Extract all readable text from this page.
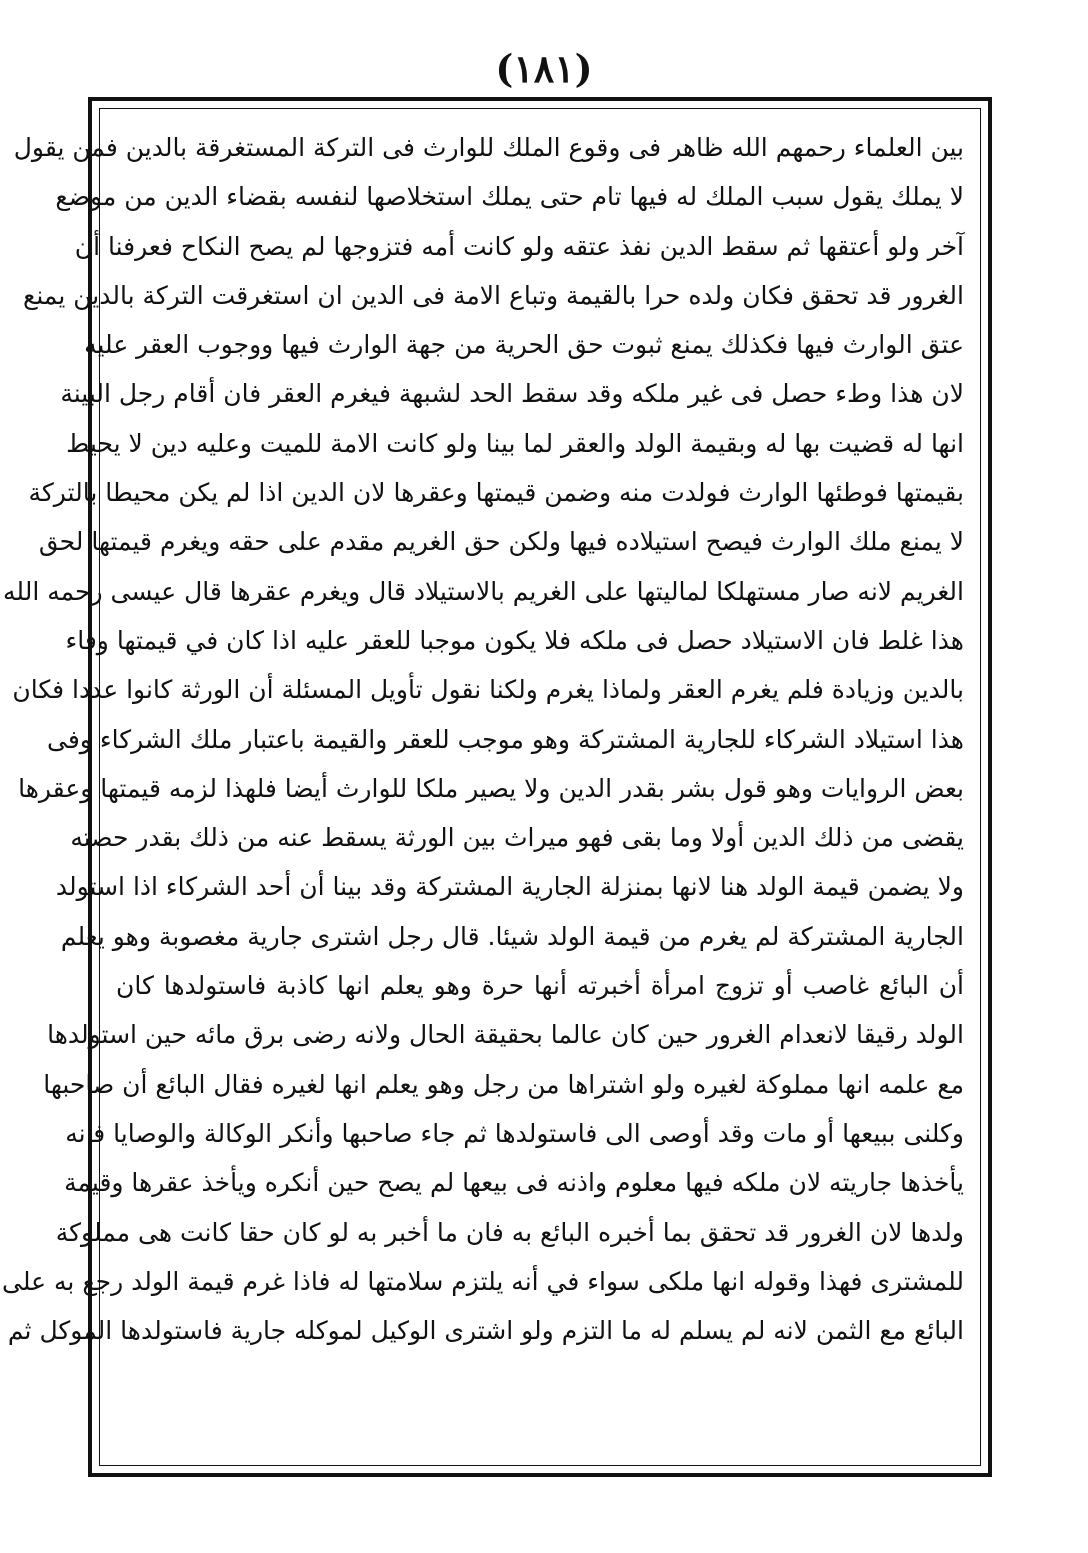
(١٨١)
بين العلماء رحمهم الله ظاهر فى وقوع الملك للوارث فى التركة المستغرقة بالدين فمن يقول
لا يملك يقول سبب الملك له فيها تام حتى يملك استخلاصها لنفسه بقضاء الدين من موضع
آخر ولو أعتقها ثم سقط الدين نفذ عتقه ولو كانت أمه فتزوجها لم يصح النكاح فعرفنا أن
الغرور قد تحقق فكان ولده حرا بالقيمة وتباع الامة فى الدين ان استغرقت التركة بالدين يمنع
عتق الوارث فيها فكذلك يمنع ثبوت حق الحرية من جهة الوارث فيها ووجوب العقر عليه
لان هذا وطء حصل فى غير ملكه وقد سقط الحد لشبهة فيغرم العقر فان أقام رجل البينة
انها له قضيت بها له وبقيمة الولد والعقر لما بينا ولو كانت الامة للميت وعليه دين لا يحيط
بقيمتها فوطئها الوارث فولدت منه وضمن قيمتها وعقرها لان الدين اذا لم يكن محيطا بالتركة
لا يمنع ملك الوارث فيصح استيلاده فيها ولكن حق الغريم مقدم على حقه ويغرم قيمتها لحق
الغريم لانه صار مستهلكا لماليتها على الغريم بالاستيلاد قال ويغرم عقرها قال عيسى رحمه الله
هذا غلط فان الاستيلاد حصل فى ملكه فلا يكون موجبا للعقر عليه اذا كان في قيمتها وفاء
بالدين وزيادة فلم يغرم العقر ولماذا يغرم ولكنا نقول تأويل المسئلة أن الورثة كانوا عددا فكان
هذا استيلاد الشركاء للجارية المشتركة وهو موجب للعقر والقيمة باعتبار ملك الشركاء وفى
بعض الروايات وهو قول بشر بقدر الدين ولا يصير ملكا للوارث أيضا فلهذا لزمه قيمتها وعقرها
يقضى من ذلك الدين أولا وما بقى فهو ميراث بين الورثة يسقط عنه من ذلك بقدر حصته
ولا يضمن قيمة الولد هنا لانها بمنزلة الجارية المشتركة وقد بينا أن أحد الشركاء اذا استولد
الجارية المشتركة لم يغرم من قيمة الولد شيئا. قال رجل اشترى جارية مغصوبة وهو يعلم
أن البائع غاصب أو تزوج امرأة أخبرته أنها حرة وهو يعلم انها كاذبة فاستولدها كان
الولد رقيقا لانعدام الغرور حين كان عالما بحقيقة الحال ولانه رضى برق مائه حين استولدها
مع علمه انها مملوكة لغيره ولو اشتراها من رجل وهو يعلم انها لغيره فقال البائع أن صاحبها
وكلنى ببيعها أو مات وقد أوصى الى فاستولدها ثم جاء صاحبها وأنكر الوكالة والوصايا فانه
يأخذها جاريته لان ملكه فيها معلوم واذنه فى بيعها لم يصح حين أنكره ويأخذ عقرها وقيمة
ولدها لان الغرور قد تحقق بما أخبره البائع به فان ما أخبر به لو كان حقا كانت هى مملوكة
للمشترى فهذا وقوله انها ملكى سواء في أنه يلتزم سلامتها له فاذا غرم قيمة الولد رجع به على
البائع مع الثمن لانه لم يسلم له ما التزم ولو اشترى الوكيل لموكله جارية فاستولدها الموكل ثم
